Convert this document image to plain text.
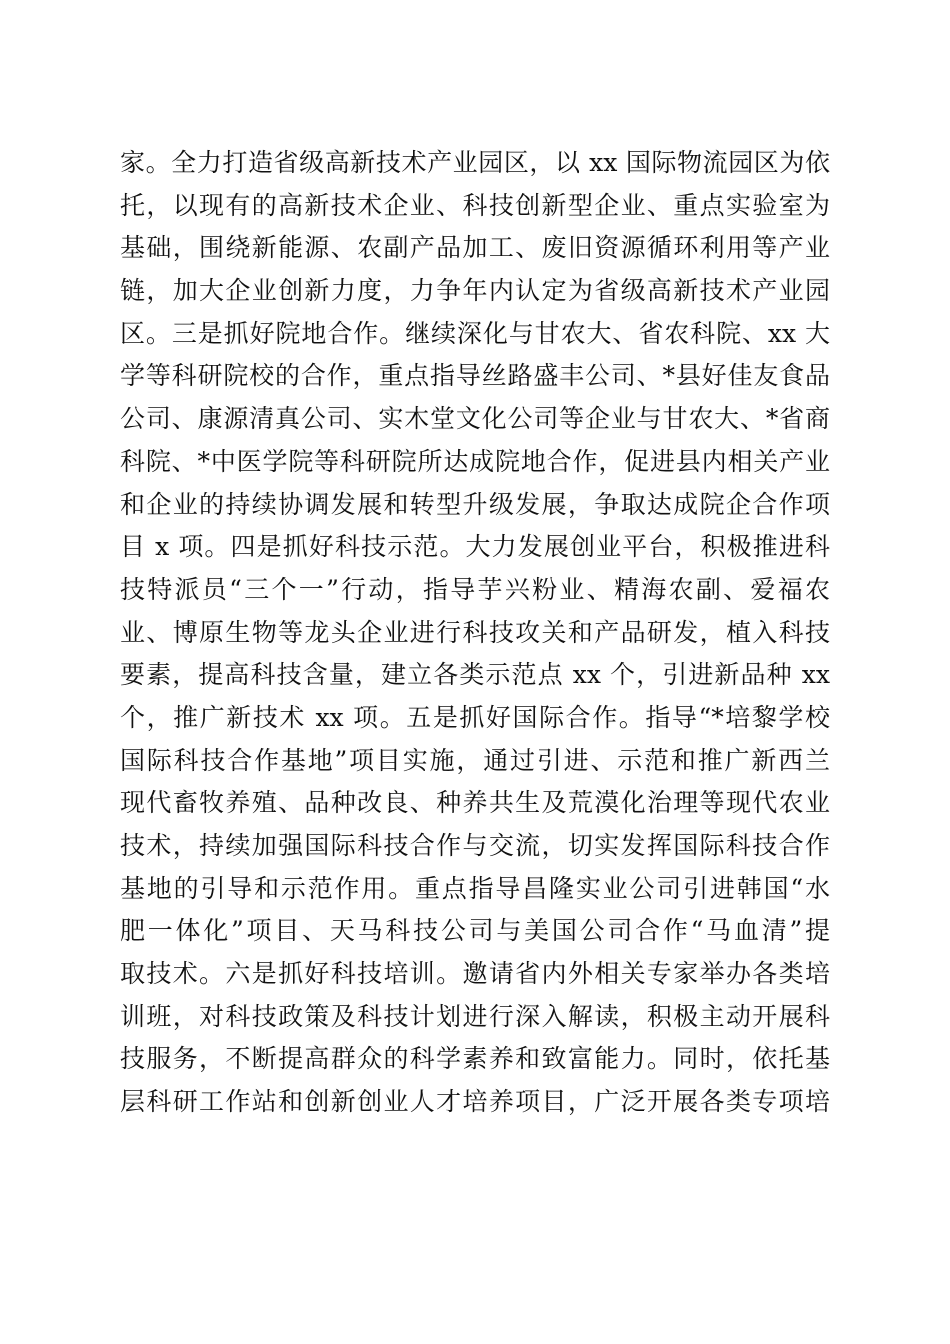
家。全力打造省级高新技术产业园区，以 xx 国际物流园区为依
托，以现有的高新技术企业、科技创新型企业、重点实验室为
基础，围绕新能源、农副产品加工、废旧资源循环利用等产业
链，加大企业创新力度，力争年内认定为省级高新技术产业园
区。三是抓好院地合作。继续深化与甘农大、省农科院、xx 大
学等科研院校的合作，重点指导丝路盛丰公司、*县好佳友食品
公司、康源清真公司、实木堂文化公司等企业与甘农大、*省商
科院、*中医学院等科研院所达成院地合作，促进县内相关产业
和企业的持续协调发展和转型升级发展，争取达成院企合作项
目 x 项。四是抓好科技示范。大力发展创业平台，积极推进科
技特派员“三个一”行动，指导芋兴粉业、精海农副、爱福农
业、博原生物等龙头企业进行科技攻关和产品研发，植入科技
要素，提高科技含量，建立各类示范点 xx 个，引进新品种 xx
个，推广新技术 xx 项。五是抓好国际合作。指导“*培黎学校
国际科技合作基地”项目实施，通过引进、示范和推广新西兰
现代畜牧养殖、品种改良、种养共生及荒漠化治理等现代农业
技术，持续加强国际科技合作与交流，切实发挥国际科技合作
基地的引导和示范作用。重点指导昌隆实业公司引进韩国“水
肥一体化”项目、天马科技公司与美国公司合作“马血清”提
取技术。六是抓好科技培训。邀请省内外相关专家举办各类培
训班，对科技政策及科技计划进行深入解读，积极主动开展科
技服务，不断提高群众的科学素养和致富能力。同时，依托基
层科研工作站和创新创业人才培养项目，广泛开展各类专项培
